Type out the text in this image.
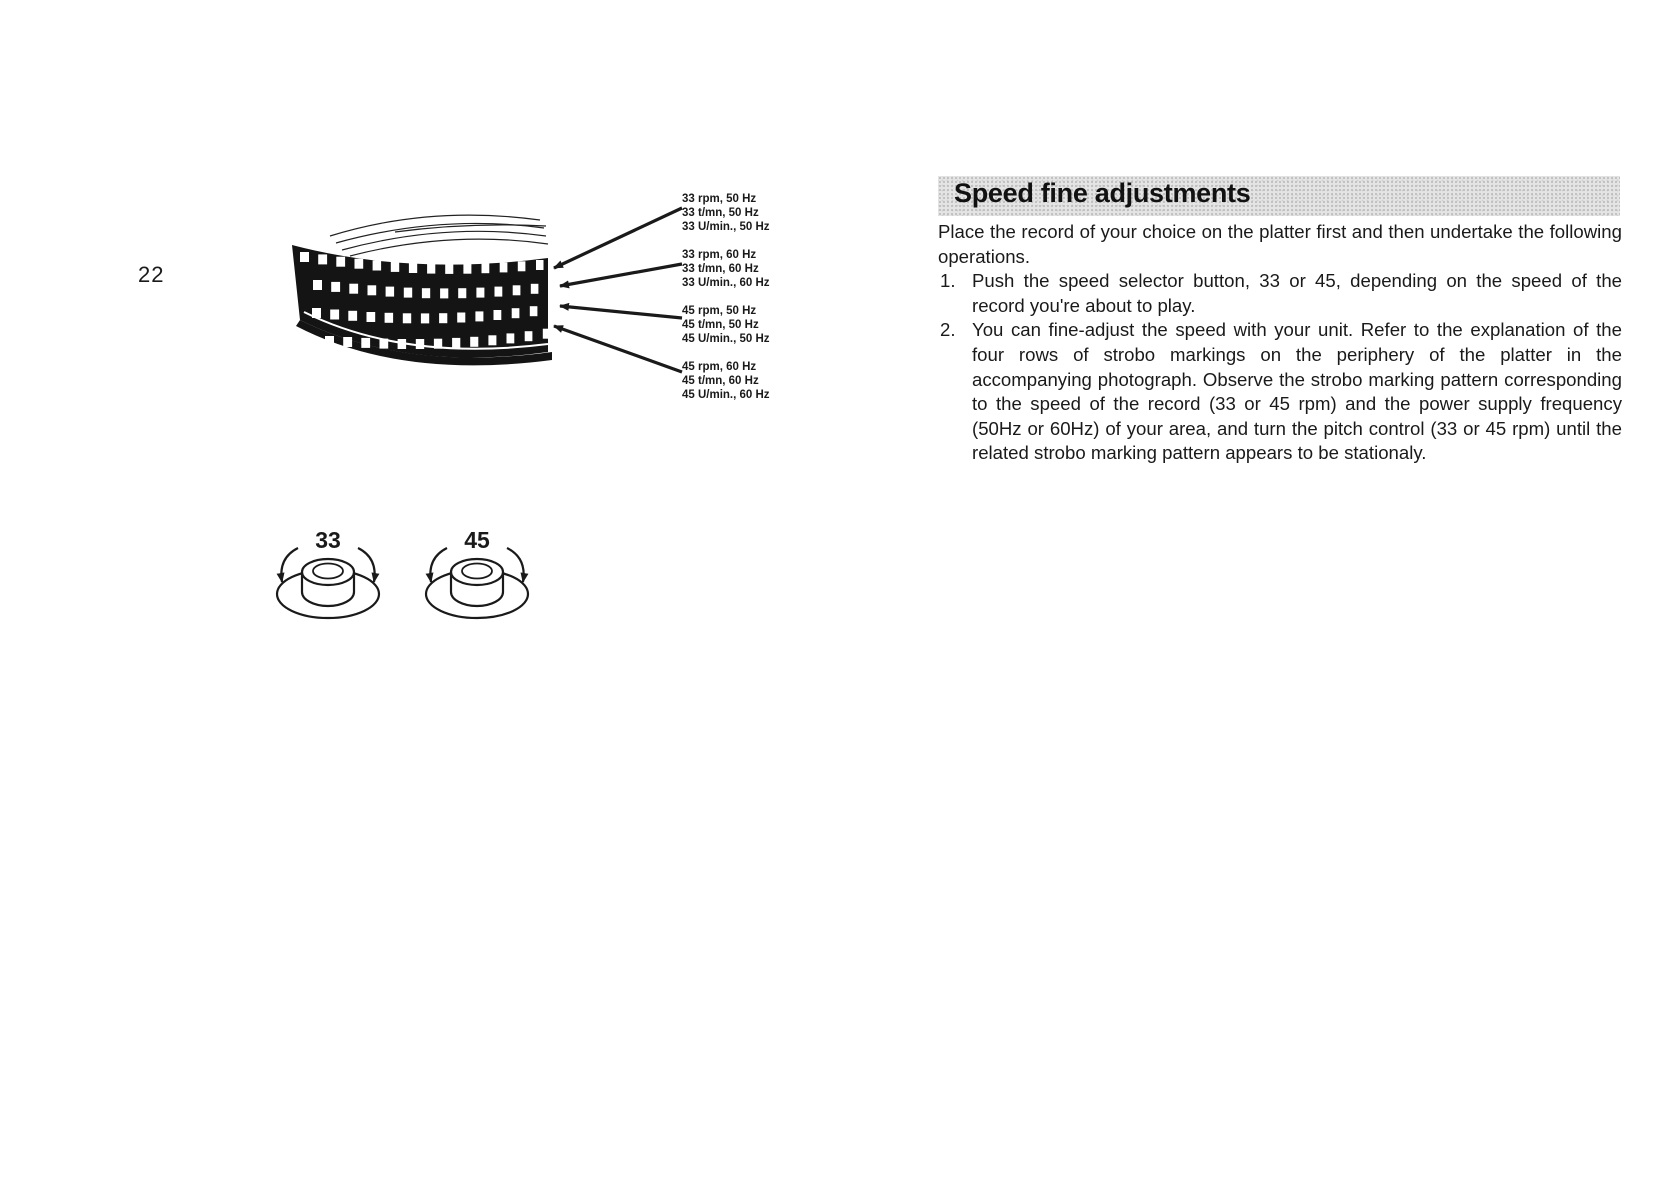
22
33 rpm, 50 Hz
33 t/mn, 50 Hz
33 U/min., 50 Hz
33 rpm, 60 Hz
33 t/mn, 60 Hz
33 U/min., 60 Hz
45 rpm, 50 Hz
45 t/mn, 50 Hz
45 U/min., 50 Hz
45 rpm, 60 Hz
45 t/mn, 60 Hz
45 U/min., 60 Hz
33	45
Speed fine adjustments

Place the record of your choice on the platter first and then undertake the following operations.

1. Push the speed selector button, 33 or 45, depending on the speed of the record you're about to play.
2. You can fine-adjust the speed with your unit. Refer to the explanation of the four rows of strobo markings on the periphery of the platter in the accompanying photograph. Observe the strobo marking pattern corresponding to the speed of the record (33 or 45 rpm) and the power supply frequency (50Hz or 60Hz) of your area, and turn the pitch control (33 or 45 rpm) until the related strobo marking pattern appears to be stationaly.
